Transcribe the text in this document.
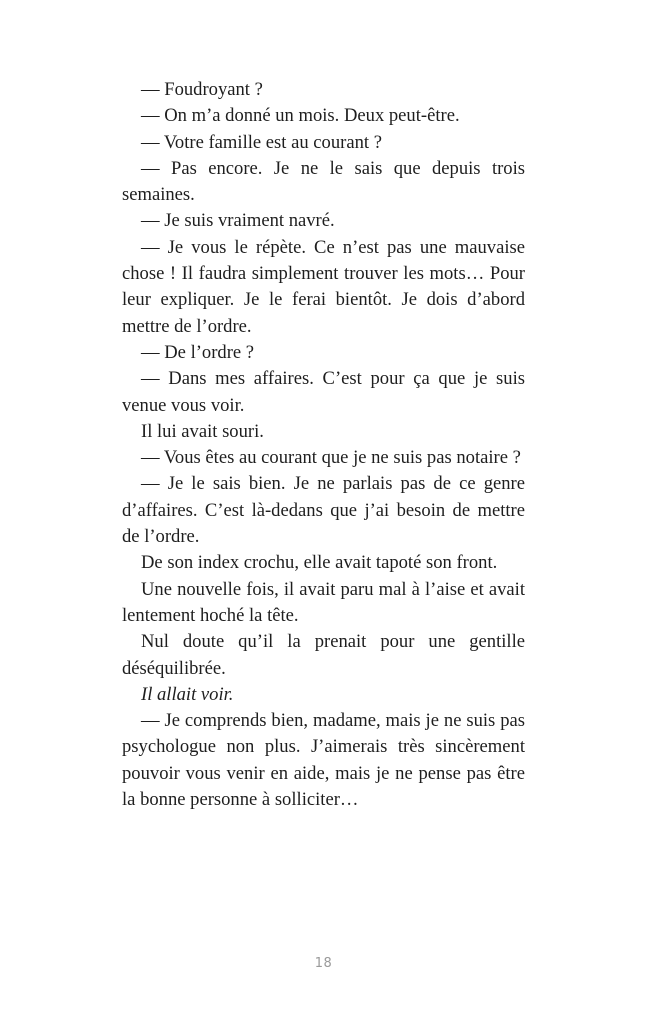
— Foudroyant ?

— On m’a donné un mois. Deux peut-être.

— Votre famille est au courant ?

— Pas encore. Je ne le sais que depuis trois semaines.

— Je suis vraiment navré.

— Je vous le répète. Ce n’est pas une mauvaise chose ! Il faudra simplement trouver les mots… Pour leur expliquer. Je le ferai bientôt. Je dois d’abord mettre de l’ordre.

— De l’ordre ?

— Dans mes affaires. C’est pour ça que je suis venue vous voir.

Il lui avait souri.

— Vous êtes au courant que je ne suis pas notaire ?

— Je le sais bien. Je ne parlais pas de ce genre d’affaires. C’est là-dedans que j’ai besoin de mettre de l’ordre.

De son index crochu, elle avait tapoté son front.

Une nouvelle fois, il avait paru mal à l’aise et avait lentement hoché la tête.

Nul doute qu’il la prenait pour une gentille déséquilibrée.

Il allait voir.

— Je comprends bien, madame, mais je ne suis pas psychologue non plus. J’aimerais très sincèrement pouvoir vous venir en aide, mais je ne pense pas être la bonne personne à solliciter…

18
